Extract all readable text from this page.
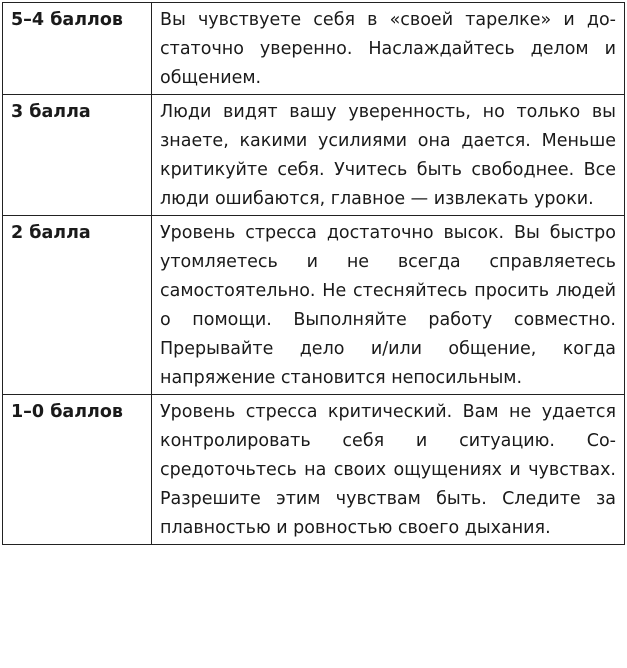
5–4 баллов	Вы чувствуете себя в «своей тарелке» и достаточно уверенно. Наслаждайтесь делом и общением.
3 балла	Люди видят вашу уверенность, но только вы знаете, какими усилиями она дается. Меньше критикуйте себя. Учитесь быть свободнее. Все люди ошибаются, главное — извлекать уроки.
2 балла	Уровень стресса достаточно высок. Вы быстро утомляетесь и не всегда справляетесь самостоятельно. Не стесняйтесь просить людей о помощи. Выполняйте работу совместно. Прерывайте дело и/или общение, когда напряжение становится непосильным.
1–0 баллов	Уровень стресса критический. Вам не удается контролировать себя и ситуацию. Сосредоточьтесь на своих ощущениях и чувствах. Разрешите этим чувствам быть. Следите за плавностью и ровностью своего дыхания.
